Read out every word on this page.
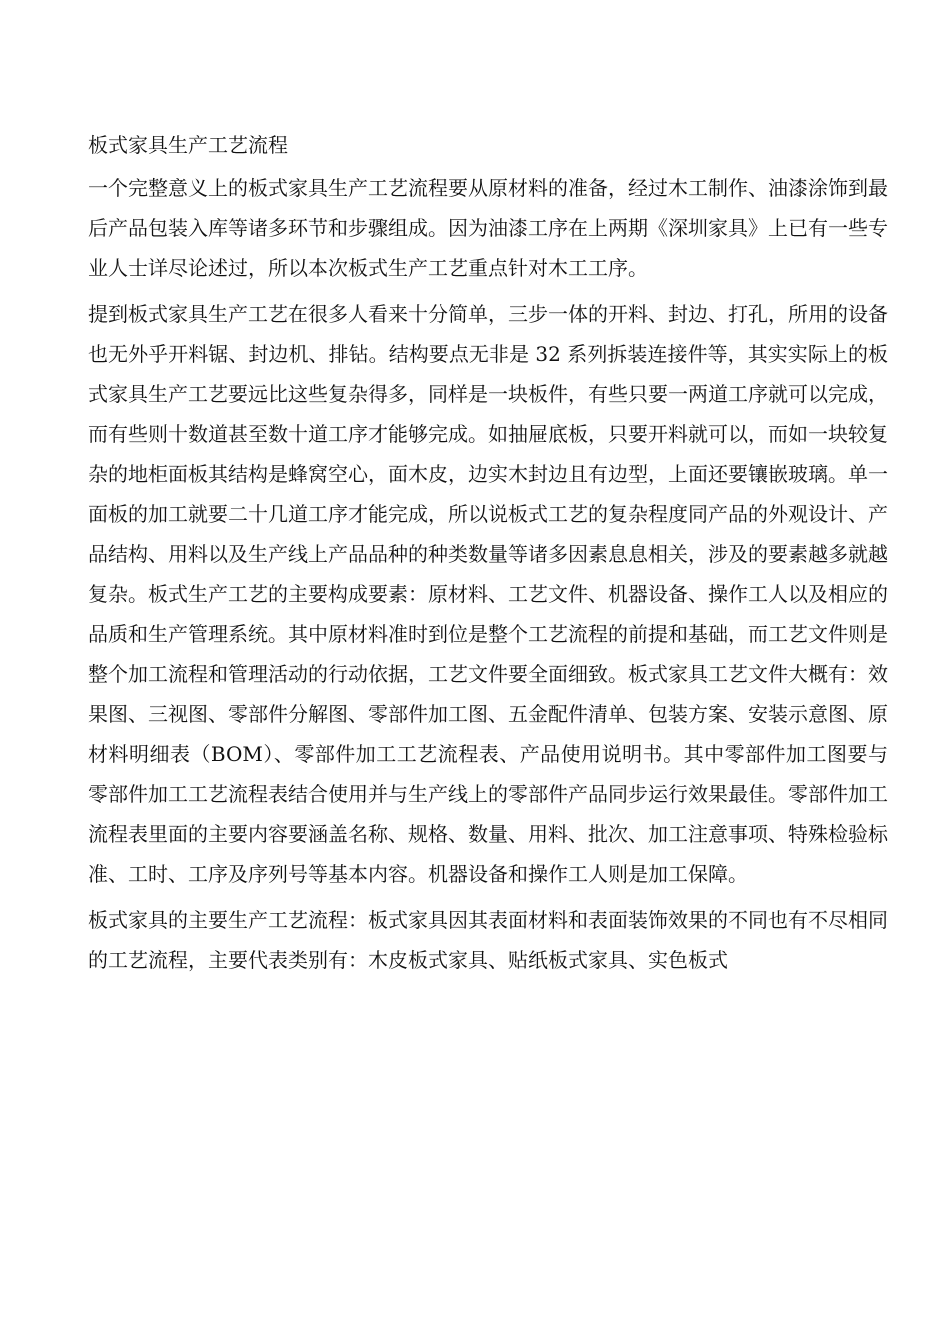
板式家具生产工艺流程

一个完整意义上的板式家具生产工艺流程要从原材料的准备，经过木工制作、油漆涂饰到最后产品包装入库等诸多环节和步骤组成。因为油漆工序在上两期《深圳家具》上已有一些专业人士详尽论述过，所以本次板式生产工艺重点针对木工工序。

提到板式家具生产工艺在很多人看来十分简单，三步一体的开料、封边、打孔，所用的设备也无外乎开料锯、封边机、排钻。结构要点无非是 32 系列拆装连接件等，其实实际上的板式家具生产工艺要远比这些复杂得多，同样是一块板件，有些只要一两道工序就可以完成，而有些则十数道甚至数十道工序才能够完成。如抽屉底板，只要开料就可以，而如一块较复杂的地柜面板其结构是蜂窝空心，面木皮，边实木封边且有边型，上面还要镶嵌玻璃。单一面板的加工就要二十几道工序才能完成，所以说板式工艺的复杂程度同产品的外观设计、产品结构、用料以及生产线上产品品种的种类数量等诸多因素息息相关，涉及的要素越多就越复杂。板式生产工艺的主要构成要素：原材料、工艺文件、机器设备、操作工人以及相应的品质和生产管理系统。其中原材料准时到位是整个工艺流程的前提和基础，而工艺文件则是整个加工流程和管理活动的行动依据，工艺文件要全面细致。板式家具工艺文件大概有：效果图、三视图、零部件分解图、零部件加工图、五金配件清单、包装方案、安装示意图、原材料明细表（BOM）、零部件加工工艺流程表、产品使用说明书。其中零部件加工图要与零部件加工工艺流程表结合使用并与生产线上的零部件产品同步运行效果最佳。零部件加工流程表里面的主要内容要涵盖名称、规格、数量、用料、批次、加工注意事项、特殊检验标准、工时、工序及序列号等基本内容。机器设备和操作工人则是加工保障。

板式家具的主要生产工艺流程：板式家具因其表面材料和表面装饰效果的不同也有不尽相同的工艺流程，主要代表类别有：木皮板式家具、贴纸板式家具、实色板式
